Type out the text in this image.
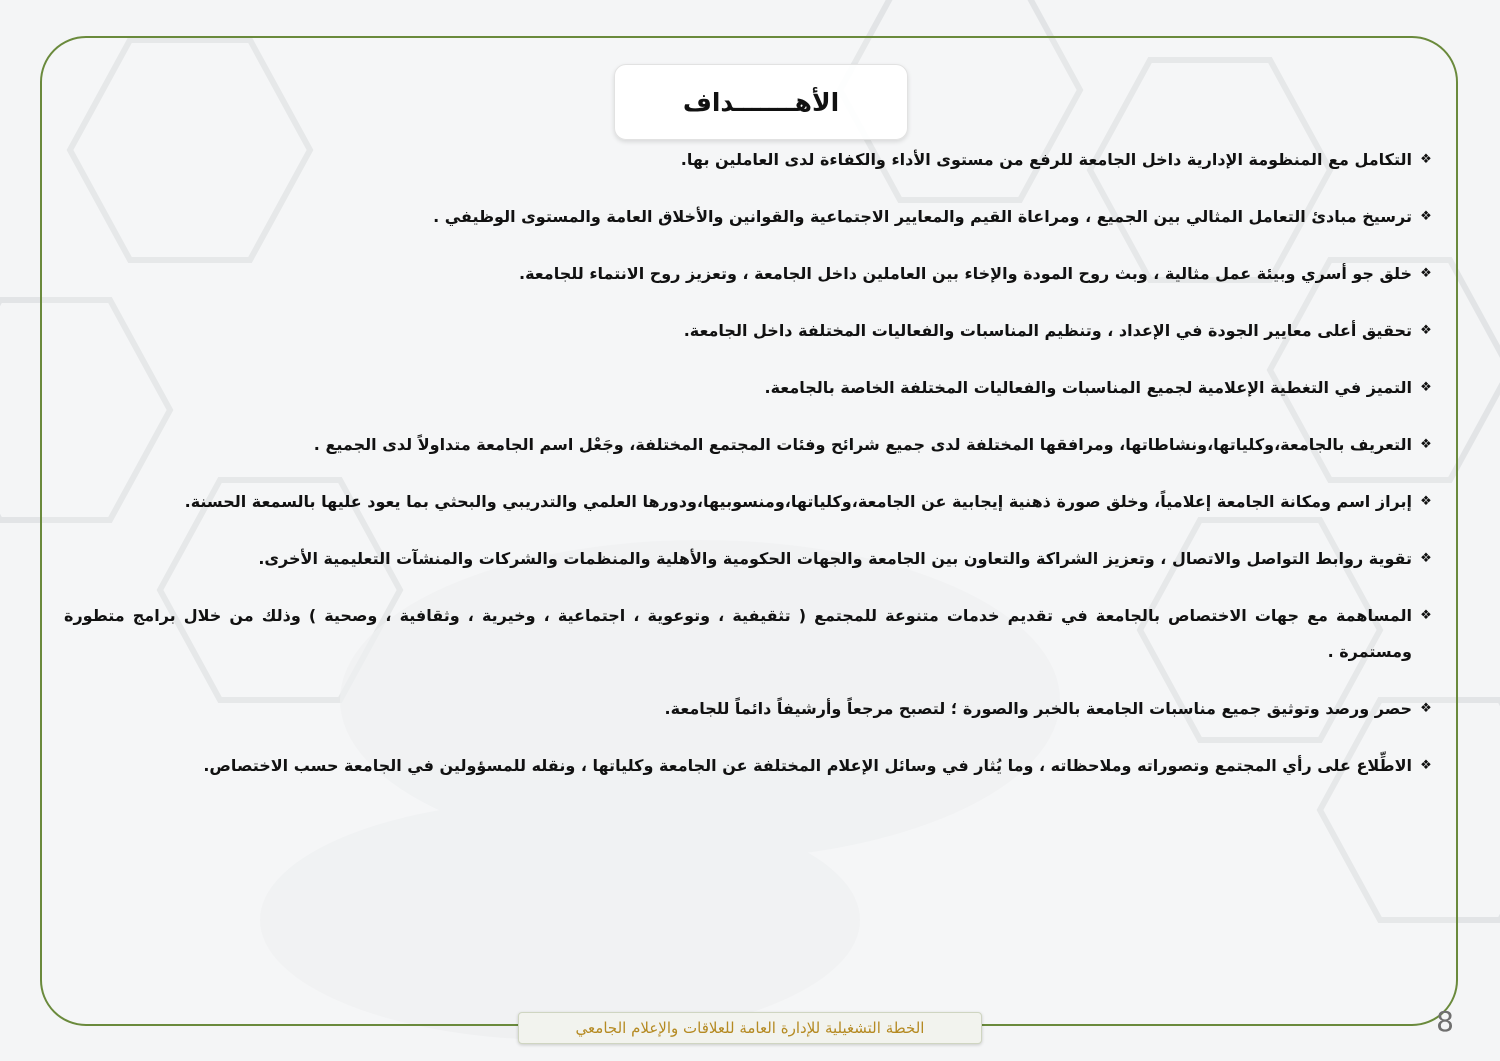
الأهـــــــداف
❖
التكامل مع المنظومة الإدارية داخل الجامعة للرفع من مستوى الأداء والكفاءة لدى العاملين بها.
❖
ترسيخ مبادئ التعامل المثالي بين الجميع ، ومراعاة القيم والمعايير الاجتماعية والقوانين والأخلاق العامة والمستوى الوظيفي .
❖
خلق جو أسري وبيئة عمل مثالية ، وبث روح المودة والإخاء بين العاملين داخل الجامعة ، وتعزيز روح الانتماء للجامعة.
❖
تحقيق أعلى معايير الجودة في الإعداد ، وتنظيم المناسبات والفعاليات المختلفة داخل الجامعة.
❖
التميز في التغطية الإعلامية لجميع المناسبات والفعاليات المختلفة الخاصة بالجامعة.
❖
التعريف بالجامعة،وكلياتها،ونشاطاتها، ومرافقها المختلفة لدى جميع شرائح وفئات المجتمع المختلفة، وجَعْل اسم الجامعة متداولاً لدى الجميع .
❖
إبراز اسم ومكانة الجامعة إعلامياً، وخلق صورة ذهنية إيجابية عن الجامعة،وكلياتها،ومنسوبيها،ودورها العلمي والتدريبي والبحثي بما يعود عليها بالسمعة الحسنة.
❖
تقوية روابط التواصل والاتصال ، وتعزيز الشراكة والتعاون بين الجامعة والجهات الحكومية والأهلية والمنظمات والشركات والمنشآت التعليمية الأخرى.
❖
المساهمة مع جهات الاختصاص بالجامعة في تقديم خدمات متنوعة للمجتمع ( تثقيفية ، وتوعوية ، اجتماعية ، وخيرية ، وثقافية ، وصحية ) وذلك من خلال برامج متطورة ومستمرة .
❖
حصر ورصد وتوثيق جميع مناسبات الجامعة بالخبر والصورة ؛ لتصبح مرجعاً وأرشيفاً دائماً للجامعة.
❖
الاطِّلاع على رأي المجتمع وتصوراته وملاحظاته ، وما يُثار في وسائل الإعلام المختلفة عن الجامعة وكلياتها ، ونقله للمسؤولين في الجامعة حسب الاختصاص.
الخطة التشغيلية للإدارة العامة للعلاقات والإعلام الجامعي	8
